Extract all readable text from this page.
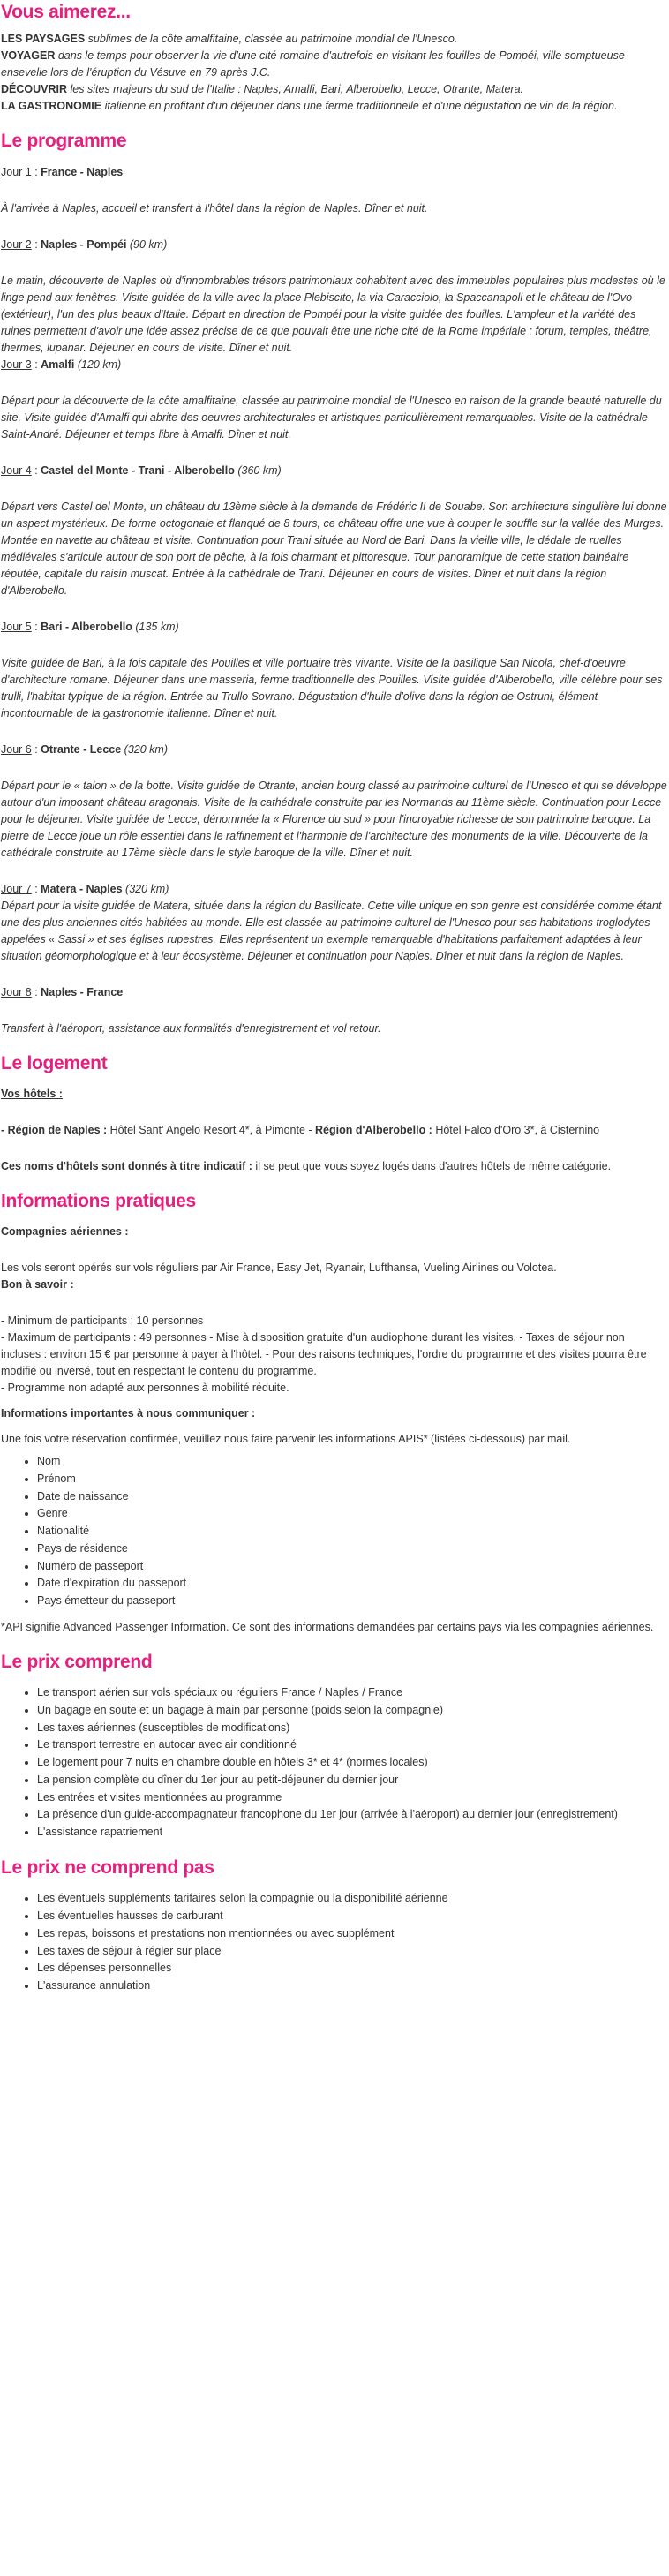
Vous aimerez...
LES PAYSAGES sublimes de la côte amalfitaine, classée au patrimoine mondial de l'Unesco.
VOYAGER dans le temps pour observer la vie d'une cité romaine d'autrefois en visitant les fouilles de Pompéi, ville somptueuse ensevelie lors de l'éruption du Vésuve en 79 après J.C.
DÉCOUVRIR les sites majeurs du sud de l'Italie : Naples, Amalfi, Bari, Alberobello, Lecce, Otrante, Matera.
LA GASTRONOMIE italienne en profitant d'un déjeuner dans une ferme traditionnelle et d'une dégustation de vin de la région.
Le programme

Jour 1 : France - Naples

À l'arrivée à Naples, accueil et transfert à l'hôtel dans la région de Naples. Dîner et nuit.

Jour 2 : Naples - Pompéi (90 km)

Le matin, découverte de Naples où d'innombrables trésors patrimoniaux cohabitent avec des immeubles populaires plus modestes où le linge pend aux fenêtres. Visite guidée de la ville avec la place Plebiscito, la via Caracciolo, la Spaccanapoli et le château de l'Ovo (extérieur), l'un des plus beaux d'Italie. Départ en direction de Pompéi pour la visite guidée des fouilles. L'ampleur et la variété des ruines permettent d'avoir une idée assez précise de ce que pouvait être une riche cité de la Rome impériale : forum, temples, théâtre, thermes, lupanar. Déjeuner en cours de visite. Dîner et nuit.

Jour 3 : Amalfi (120 km)

Départ pour la découverte de la côte amalfitaine, classée au patrimoine mondial de l'Unesco en raison de la grande beauté naturelle du site. Visite guidée d'Amalfi qui abrite des oeuvres architecturales et artistiques particulièrement remarquables. Visite de la cathédrale Saint-André. Déjeuner et temps libre à Amalfi. Dîner et nuit.

Jour 4 : Castel del Monte - Trani - Alberobello (360 km)

Départ vers Castel del Monte, un château du 13ème siècle à la demande de Frédéric II de Souabe. Son architecture singulière lui donne un aspect mystérieux. De forme octogonale et flanqué de 8 tours, ce château offre une vue à couper le souffle sur la vallée des Murges. Montée en navette au château et visite. Continuation pour Trani située au Nord de Bari. Dans la vieille ville, le dédale de ruelles médiévales s'articule autour de son port de pêche, à la fois charmant et pittoresque. Tour panoramique de cette station balnéaire réputée, capitale du raisin muscat. Entrée à la cathédrale de Trani. Déjeuner en cours de visites. Dîner et nuit dans la région d'Alberobello.

Jour 5 : Bari - Alberobello (135 km)

Visite guidée de Bari, à la fois capitale des Pouilles et ville portuaire très vivante. Visite de la basilique San Nicola, chef-d'oeuvre d'architecture romane. Déjeuner dans une masseria, ferme traditionnelle des Pouilles. Visite guidée d'Alberobello, ville célèbre pour ses trulli, l'habitat typique de la région. Entrée au Trullo Sovrano. Dégustation d'huile d'olive dans la région de Ostruni, élément incontournable de la gastronomie italienne. Dîner et nuit.

Jour 6 : Otrante - Lecce (320 km)

Départ pour le « talon » de la botte. Visite guidée de Otrante, ancien bourg classé au patrimoine culturel de l'Unesco et qui se développe autour d'un imposant château aragonais. Visite de la cathédrale construite par les Normands au 11ème siècle. Continuation pour Lecce pour le déjeuner. Visite guidée de Lecce, dénommée la « Florence du sud » pour l'incroyable richesse de son patrimoine baroque. La pierre de Lecce joue un rôle essentiel dans le raffinement et l'harmonie de l'architecture des monuments de la ville. Découverte de la cathédrale construite au 17ème siècle dans le style baroque de la ville. Dîner et nuit.

Jour 7 : Matera - Naples (320 km)

Départ pour la visite guidée de Matera, située dans la région du Basilicate. Cette ville unique en son genre est considérée comme étant une des plus anciennes cités habitées au monde. Elle est classée au patrimoine culturel de l'Unesco pour ses habitations troglodytes appelées « Sassi » et ses églises rupestres. Elles représentent un exemple remarquable d'habitations parfaitement adaptées à leur situation géomorphologique et à leur écosystème. Déjeuner et continuation pour Naples. Dîner et nuit dans la région de Naples.

Jour 8 : Naples - France

Transfert à l'aéroport, assistance aux formalités d'enregistrement et vol retour.

Le logement

Vos hôtels :

- Région de Naples : Hôtel Sant' Angelo Resort 4*, à Pimonte - Région d'Alberobello : Hôtel Falco d'Oro 3*, à Cisternino

Ces noms d'hôtels sont donnés à titre indicatif : il se peut que vous soyez logés dans d'autres hôtels de même catégorie.

Informations pratiques

Compagnies aériennes :

Les vols seront opérés sur vols réguliers par Air France, Easy Jet, Ryanair, Lufthansa, Vueling Airlines ou Volotea.

Bon à savoir :

- Minimum de participants : 10 personnes

- Maximum de participants : 49 personnes - Mise à disposition gratuite d'un audiophone durant les visites. - Taxes de séjour non incluses : environ 15 € par personne à payer à l'hôtel. - Pour des raisons techniques, l'ordre du programme et des visites pourra être modifié ou inversé, tout en respectant le contenu du programme.

- Programme non adapté aux personnes à mobilité réduite.

Informations importantes à nous communiquer :

Une fois votre réservation confirmée, veuillez nous faire parvenir les informations APIS* (listées ci-dessous) par mail.

• Nom
• Prénom
• Date de naissance
• Genre
• Nationalité
• Pays de résidence
• Numéro de passeport
• Date d'expiration du passeport
• Pays émetteur du passeport

*API signifie Advanced Passenger Information. Ce sont des informations demandées par certains pays via les compagnies aériennes.

Le prix comprend
• Le transport aérien sur vols spéciaux ou réguliers France / Naples / France
• Un bagage en soute et un bagage à main par personne (poids selon la compagnie)
• Les taxes aériennes (susceptibles de modifications)
• Le transport terrestre en autocar avec air conditionné
• Le logement pour 7 nuits en chambre double en hôtels 3* et 4* (normes locales)
• La pension complète du dîner du 1er jour au petit-déjeuner du dernier jour
• Les entrées et visites mentionnées au programme
• La présence d'un guide-accompagnateur francophone du 1er jour (arrivée à l'aéroport) au dernier jour (enregistrement)
• L'assistance rapatriement
Le prix ne comprend pas
• Les éventuels suppléments tarifaires selon la compagnie ou la disponibilité aérienne
• Les éventuelles hausses de carburant
• Les repas, boissons et prestations non mentionnées ou avec supplément
• Les taxes de séjour à régler sur place
• Les dépenses personnelles
• L'assurance annulation
